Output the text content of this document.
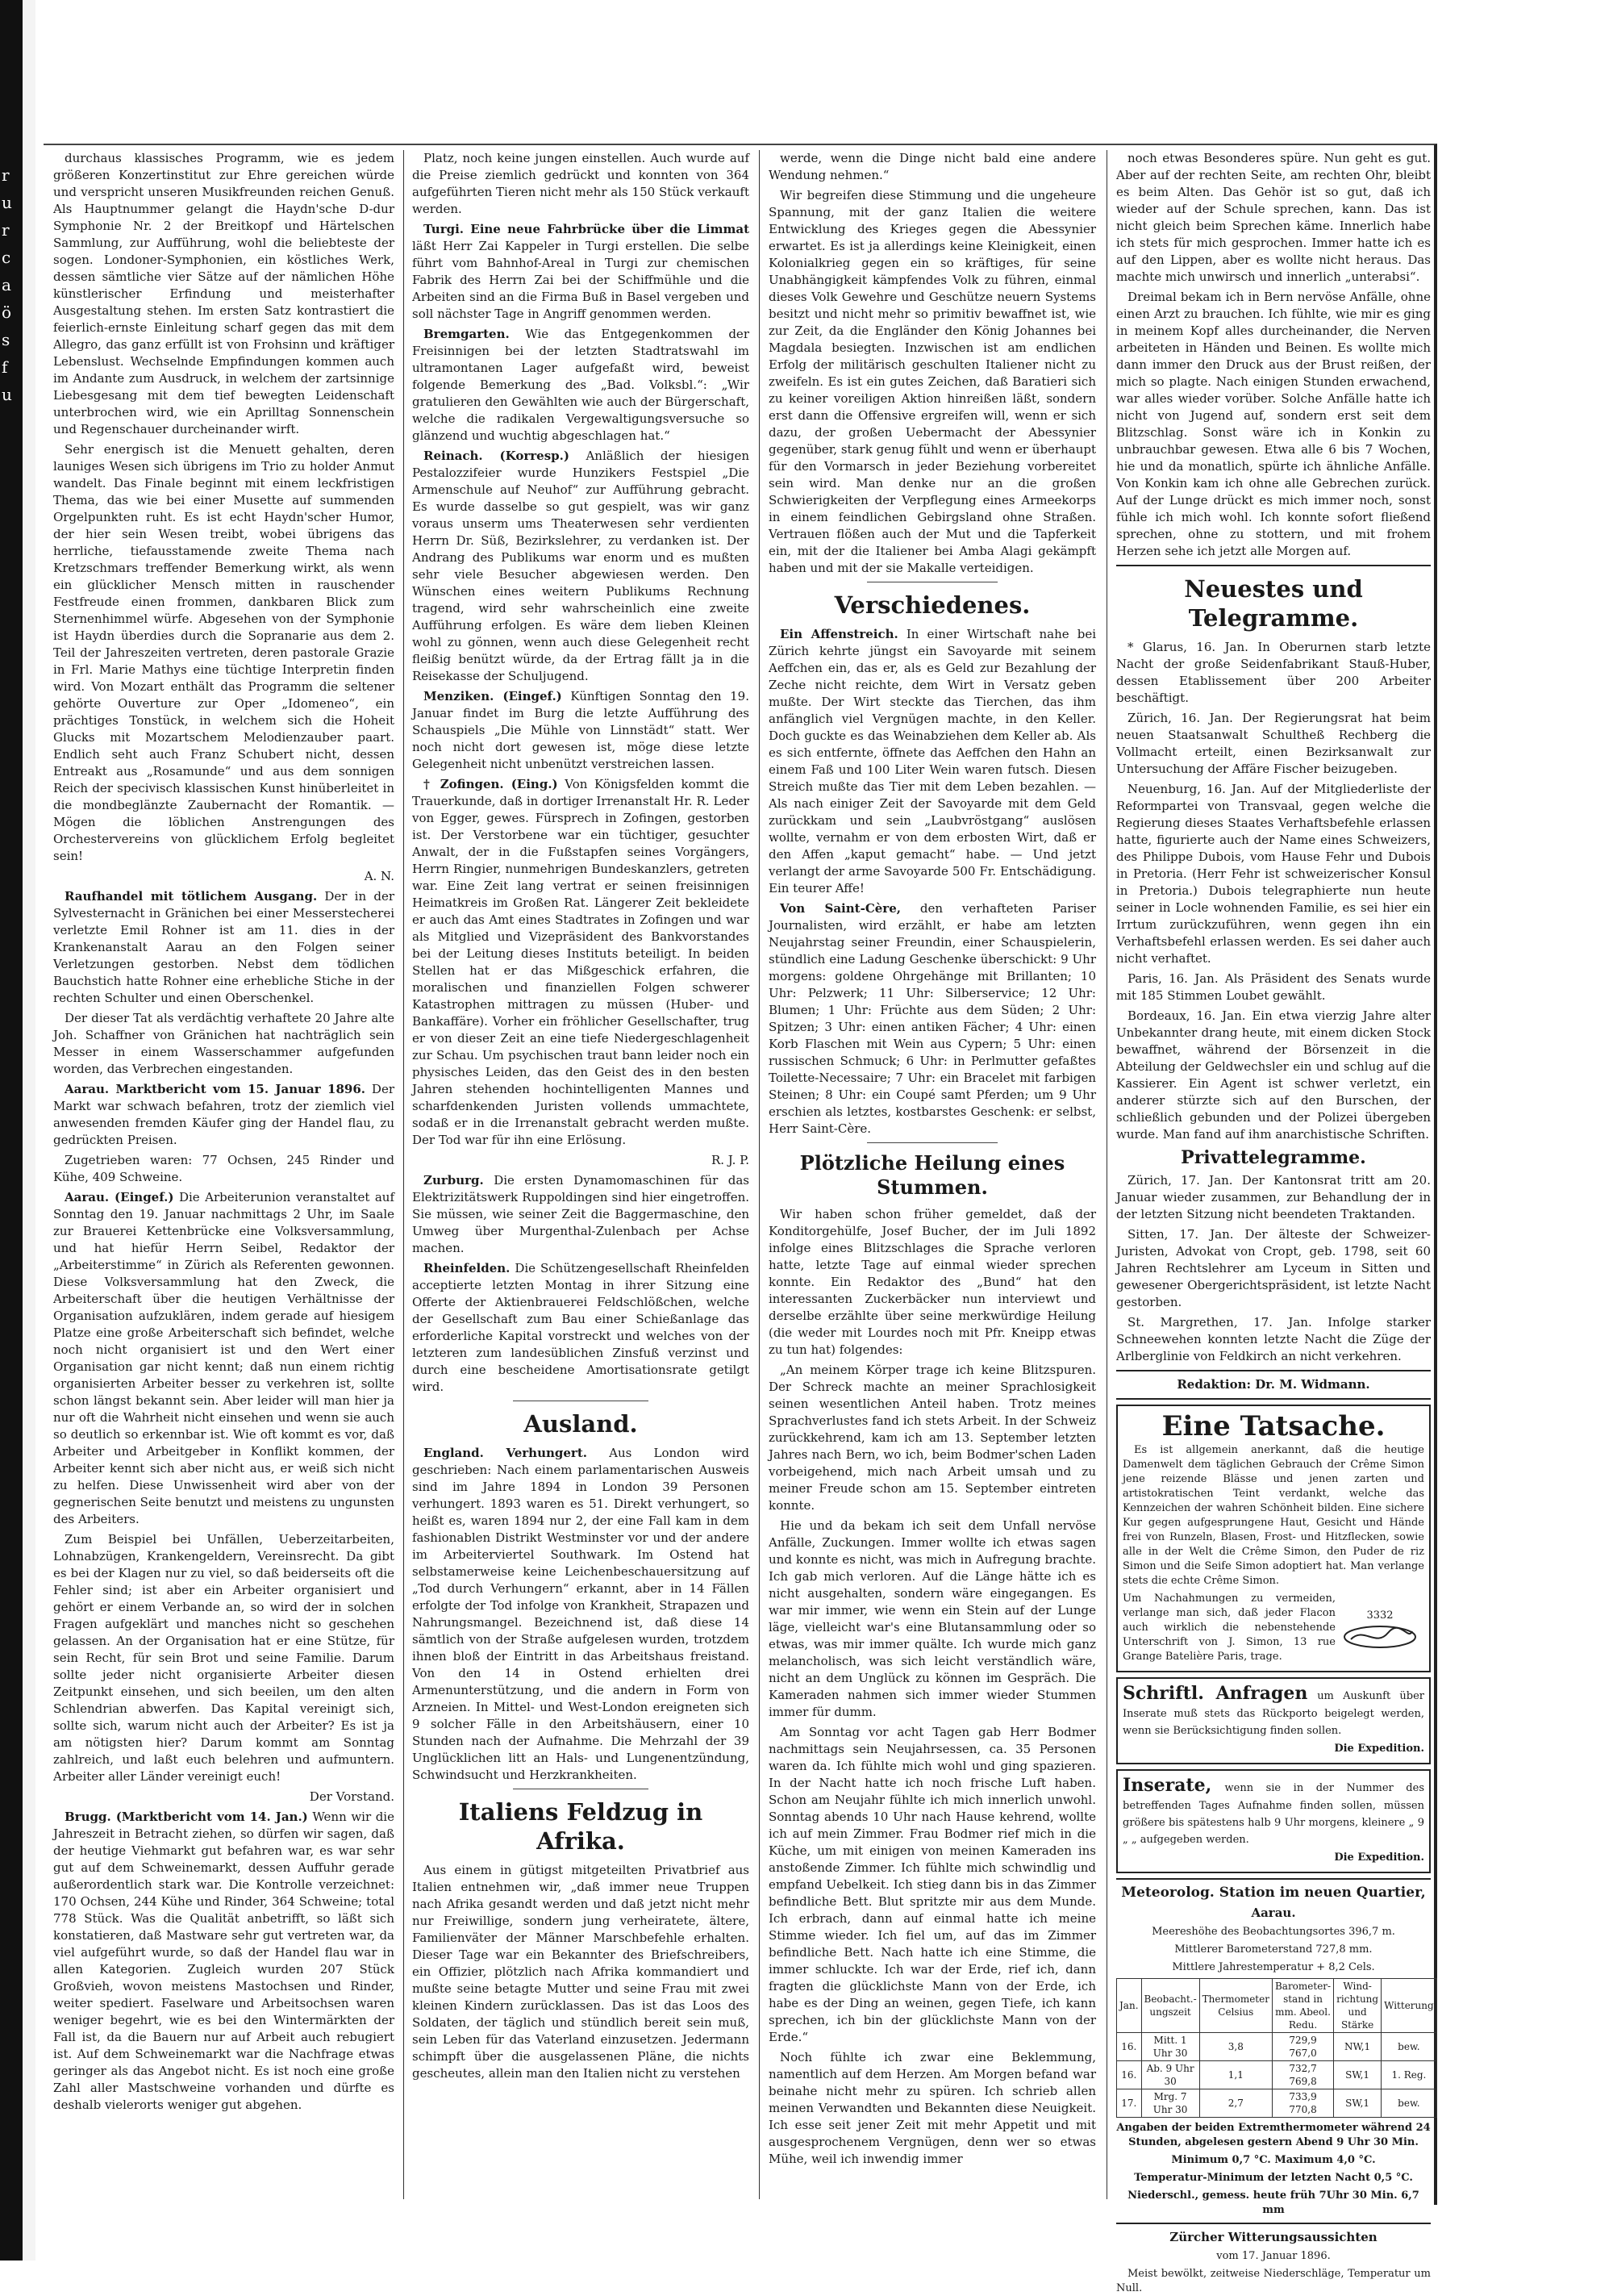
r
u
r
c
a
ö
s
f
u

durchaus klassisches Programm, wie es jedem größeren Konzertinstitut zur Ehre gereichen würde und verspricht unseren Musikfreunden reichen Genuß. Als Hauptnummer gelangt die Haydn'sche D-dur Symphonie Nr. 2 der Breitkopf und Härtelschen Sammlung, zur Aufführung, wohl die beliebteste der sogen. Londoner-Symphonien, ein köstliches Werk, dessen sämtliche vier Sätze auf der nämlichen Höhe künstlerischer Erfindung und meisterhafter Ausgestaltung stehen. Im ersten Satz kontrastiert die feierlich-ernste Einleitung scharf gegen das mit dem Allegro, das ganz erfüllt ist von Frohsinn und kräftiger Lebenslust. Wechselnde Empfindungen kommen auch im Andante zum Ausdruck, in welchem der zartsinnige Liebesgesang mit dem tief bewegten Leidenschaft unterbrochen wird, wie ein Aprilltag Sonnenschein und Regenschauer durcheinander wirft.

Sehr energisch ist die Menuett gehalten, deren launiges Wesen sich übrigens im Trio zu holder Anmut wandelt. Das Finale beginnt mit einem leckfristigen Thema, das wie bei einer Musette auf summenden Orgelpunkten ruht. Es ist echt Haydn'scher Humor, der hier sein Wesen treibt, wobei übrigens das herrliche, tiefausstamende zweite Thema nach Kretzschmars treffender Bemerkung wirkt, als wenn ein glücklicher Mensch mitten in rauschender Festfreude einen frommen, dankbaren Blick zum Sternenhimmel würfe. Abgesehen von der Symphonie ist Haydn überdies durch die Sopranarie aus dem 2. Teil der Jahreszeiten vertreten, deren pastorale Grazie in Frl. Marie Mathys eine tüchtige Interpretin finden wird. Von Mozart enthält das Programm die seltener gehörte Ouverture zur Oper „Idomeneo“, ein prächtiges Tonstück, in welchem sich die Hoheit Glucks mit Mozartschem Melodienzauber paart. Endlich seht auch Franz Schubert nicht, dessen Entreakt aus „Rosamunde“ und aus dem sonnigen Reich der specivisch klassischen Kunst hinüberleitet in die mondbeglänzte Zaubernacht der Romantik. — Mögen die löblichen Anstrengungen des Orchestervereins von glücklichem Erfolg begleitet sein!

A. N.

Raufhandel mit tötlichem Ausgang. Der in der Sylvesternacht in Gränichen bei einer Messerstecherei verletzte Emil Rohner ist am 11. dies in der Krankenanstalt Aarau an den Folgen seiner Verletzungen gestorben. Nebst dem tödlichen Bauchstich hatte Rohner eine erhebliche Stiche in der rechten Schulter und einen Oberschenkel.

Der dieser Tat als verdächtig verhaftete 20 Jahre alte Joh. Schaffner von Gränichen hat nachträglich sein Messer in einem Wasserschammer aufgefunden worden, das Verbrechen eingestanden.

Aarau. Marktbericht vom 15. Januar 1896. Der Markt war schwach befahren, trotz der ziemlich viel anwesenden fremden Käufer ging der Handel flau, zu gedrückten Preisen.

Zugetrieben waren: 77 Ochsen, 245 Rinder und Kühe, 409 Schweine.

Aarau. (Eingef.) Die Arbeiterunion veranstaltet auf Sonntag den 19. Januar nachmittags 2 Uhr, im Saale zur Brauerei Kettenbrücke eine Volksversammlung, und hat hiefür Herrn Seibel, Redaktor der „Arbeiterstimme“ in Zürich als Referenten gewonnen. Diese Volksversammlung hat den Zweck, die Arbeiterschaft über die heutigen Verhältnisse der Organisation aufzuklären, indem gerade auf hiesigem Platze eine große Arbeiterschaft sich befindet, welche noch nicht organisiert ist und den Wert einer Organisation gar nicht kennt; daß nun einem richtig organisierten Arbeiter besser zu verkehren ist, sollte schon längst bekannt sein. Aber leider will man hier ja nur oft die Wahrheit nicht einsehen und wenn sie auch so deutlich so erkennbar ist. Wie oft kommt es vor, daß Arbeiter und Arbeitgeber in Konflikt kommen, der Arbeiter kennt sich aber nicht aus, er weiß sich nicht zu helfen. Diese Unwissenheit wird aber von der gegnerischen Seite benutzt und meistens zu ungunsten des Arbeiters.

Zum Beispiel bei Unfällen, Ueberzeitarbeiten, Lohnabzügen, Krankengeldern, Vereinsrecht. Da gibt es bei der Klagen nur zu viel, so daß beiderseits oft die Fehler sind; ist aber ein Arbeiter organisiert und gehört er einem Verbande an, so wird der in solchen Fragen aufgeklärt und manches nicht so geschehen gelassen. An der Organisation hat er eine Stütze, für sein Recht, für sein Brot und seine Familie. Darum sollte jeder nicht organisierte Arbeiter diesen Zeitpunkt einsehen, und sich beeilen, um den alten Schlendrian abwerfen. Das Kapital vereinigt sich, sollte sich, warum nicht auch der Arbeiter? Es ist ja am nötigsten hier? Darum kommt am Sonntag zahlreich, und laßt euch belehren und aufmuntern. Arbeiter aller Länder vereinigt euch!

Der Vorstand.

Brugg. (Marktbericht vom 14. Jan.) Wenn wir die Jahreszeit in Betracht ziehen, so dürfen wir sagen, daß der heutige Viehmarkt gut befahren war, es war sehr gut auf dem Schweinemarkt, dessen Auffuhr gerade außerordentlich stark war. Die Kontrolle verzeichnet: 170 Ochsen, 244 Kühe und Rinder, 364 Schweine; total 778 Stück. Was die Qualität anbetrifft, so läßt sich konstatieren, daß Mastware sehr gut vertreten war, da viel aufgeführt wurde, so daß der Handel flau war in allen Kategorien. Zugleich wurden 207 Stück Großvieh, wovon meistens Mastochsen und Rinder, weiter spediert. Faselware und Arbeitsochsen waren weniger begehrt, wie es bei den Wintermärkten der Fall ist, da die Bauern nur auf Arbeit auch rebugiert ist. Auf dem Schweinemarkt war die Nachfrage etwas geringer als das Angebot nicht. Es ist noch eine große Zahl aller Mastschweine vorhanden und dürfte es deshalb vielerorts weniger gut abgehen.

Platz, noch keine jungen einstellen. Auch wurde auf die Preise ziemlich gedrückt und konnten von 364 aufgeführten Tieren nicht mehr als 150 Stück verkauft werden.

Turgi. Eine neue Fahrbrücke über die Limmat läßt Herr Zai Kappeler in Turgi erstellen. Die selbe führt vom Bahnhof-Areal in Turgi zur chemischen Fabrik des Herrn Zai bei der Schiffmühle und die Arbeiten sind an die Firma Buß in Basel vergeben und soll nächster Tage in Angriff genommen werden.

Bremgarten. Wie das Entgegenkommen der Freisinnigen bei der letzten Stadtratswahl im ultramontanen Lager aufgefaßt wird, beweist folgende Bemerkung des „Bad. Volksbl.“: „Wir gratulieren den Gewählten wie auch der Bürgerschaft, welche die radikalen Vergewaltigungsversuche so glänzend und wuchtig abgeschlagen hat.“

Reinach. (Korresp.) Anläßlich der hiesigen Pestalozzifeier wurde Hunzikers Festspiel „Die Armenschule auf Neuhof“ zur Aufführung gebracht. Es wurde dasselbe so gut gespielt, was wir ganz voraus unserm ums Theaterwesen sehr verdienten Herrn Dr. Süß, Bezirkslehrer, zu verdanken ist. Der Andrang des Publikums war enorm und es mußten sehr viele Besucher abgewiesen werden. Den Wünschen eines weitern Publikums Rechnung tragend, wird sehr wahrscheinlich eine zweite Aufführung erfolgen. Es wäre dem lieben Kleinen wohl zu gönnen, wenn auch diese Gelegenheit recht fleißig benützt würde, da der Ertrag fällt ja in die Reisekasse der Schuljugend.

Menziken. (Eingef.) Künftigen Sonntag den 19. Januar findet im Burg die letzte Aufführung des Schauspiels „Die Mühle von Linnstädt“ statt. Wer noch nicht dort gewesen ist, möge diese letzte Gelegenheit nicht unbenützt verstreichen lassen.

† Zofingen. (Eing.) Von Königsfelden kommt die Trauerkunde, daß in dortiger Irrenanstalt Hr. R. Leder von Egger, gewes. Fürsprech in Zofingen, gestorben ist. Der Verstorbene war ein tüchtiger, gesuchter Anwalt, der in die Fußstapfen seines Vorgängers, Herrn Ringier, nunmehrigen Bundeskanzlers, getreten war. Eine Zeit lang vertrat er seinen freisinnigen Heimatkreis im Großen Rat. Längerer Zeit bekleidete er auch das Amt eines Stadtrates in Zofingen und war als Mitglied und Vizepräsident des Bankvorstandes bei der Leitung dieses Instituts beteiligt. In beiden Stellen hat er das Mißgeschick erfahren, die moralischen und finanziellen Folgen schwerer Katastrophen mittragen zu müssen (Huber- und Bankaffäre). Vorher ein fröhlicher Gesellschafter, trug er von dieser Zeit an eine tiefe Niedergeschlagenheit zur Schau. Um psychischen traut bann leider noch ein physisches Leiden, das den Geist des in den besten Jahren stehenden hochintelligenten Mannes und scharfdenkenden Juristen vollends ummachtete, sodaß er in die Irrenanstalt gebracht werden mußte. Der Tod war für ihn eine Erlösung.

R. J. P.

Zurburg. Die ersten Dynamomaschinen für das Elektrizitätswerk Ruppoldingen sind hier eingetroffen. Sie müssen, wie seiner Zeit die Baggermaschine, den Umweg über Murgenthal-Zulenbach per Achse machen.

Rheinfelden. Die Schützengesellschaft Rheinfelden acceptierte letzten Montag in ihrer Sitzung eine Offerte der Aktienbrauerei Feldschlößchen, welche der Gesellschaft zum Bau einer Schießanlage das erforderliche Kapital vorstreckt und welches von der letzteren zum landesüblichen Zinsfuß verzinst und durch eine bescheidene Amortisationsrate getilgt wird.

Ausland.

England. Verhungert. Aus London wird geschrieben: Nach einem parlamentarischen Ausweis sind im Jahre 1894 in London 39 Personen verhungert. 1893 waren es 51. Direkt verhungert, so heißt es, waren 1894 nur 2, der eine Fall kam in dem fashionablen Distrikt Westminster vor und der andere im Arbeiterviertel Southwark. Im Ostend hat selbstamerweise keine Leichenbeschauersitzung auf „Tod durch Verhungern“ erkannt, aber in 14 Fällen erfolgte der Tod infolge von Krankheit, Strapazen und Nahrungsmangel. Bezeichnend ist, daß diese 14 sämtlich von der Straße aufgelesen wurden, trotzdem ihnen bloß der Eintritt in das Arbeitshaus freistand. Von den 14 in Ostend erhielten drei Armenunterstützung, und die andern in Form von Arzneien. In Mittel- und West-London ereigneten sich 9 solcher Fälle in den Arbeitshäusern, einer 10 Stunden nach der Aufnahme. Die Mehrzahl der 39 Unglücklichen litt an Hals- und Lungenentzündung, Schwindsucht und Herzkrankheiten.

Italiens Feldzug in Afrika.

Aus einem in gütigst mitgeteilten Privatbrief aus Italien entnehmen wir, „daß immer neue Truppen nach Afrika gesandt werden und daß jetzt nicht mehr nur Freiwillige, sondern jung verheiratete, ältere, Familienväter der Männer Marschbefehle erhalten. Dieser Tage war ein Bekannter des Briefschreibers, ein Offizier, plötzlich nach Afrika kommandiert und mußte seine betagte Mutter und seine Frau mit zwei kleinen Kindern zurücklassen. Das ist das Loos des Soldaten, der täglich und stündlich bereit sein muß, sein Leben für das Vaterland einzusetzen. Jedermann schimpft über die ausgelassenen Pläne, die nichts gescheutes, allein man den Italien nicht zu verstehen

werde, wenn die Dinge nicht bald eine andere Wendung nehmen.“

Wir begreifen diese Stimmung und die ungeheure Spannung, mit der ganz Italien die weitere Entwicklung des Krieges gegen die Abessynier erwartet. Es ist ja allerdings keine Kleinigkeit, einen Kolonialkrieg gegen ein so kräftiges, für seine Unabhängigkeit kämpfendes Volk zu führen, einmal dieses Volk Gewehre und Geschütze neuern Systems besitzt und nicht mehr so primitiv bewaffnet ist, wie zur Zeit, da die Engländer den König Johannes bei Magdala besiegten. Inzwischen ist am endlichen Erfolg der militärisch geschulten Italiener nicht zu zweifeln. Es ist ein gutes Zeichen, daß Baratieri sich zu keiner voreiligen Aktion hinreißen läßt, sondern erst dann die Offensive ergreifen will, wenn er sich dazu, der großen Uebermacht der Abessynier gegenüber, stark genug fühlt und wenn er überhaupt für den Vormarsch in jeder Beziehung vorbereitet sein wird. Man denke nur an die großen Schwierigkeiten der Verpflegung eines Armeekorps in einem feindlichen Gebirgsland ohne Straßen. Vertrauen flößen auch der Mut und die Tapferkeit ein, mit der die Italiener bei Amba Alagi gekämpft haben und mit der sie Makalle verteidigen.

Verschiedenes.

Ein Affenstreich. In einer Wirtschaft nahe bei Zürich kehrte jüngst ein Savoyarde mit seinem Aeffchen ein, das er, als es Geld zur Bezahlung der Zeche nicht reichte, dem Wirt in Versatz geben mußte. Der Wirt steckte das Tierchen, das ihm anfänglich viel Vergnügen machte, in den Keller. Doch guckte es das Weinabziehen dem Keller ab. Als es sich entfernte, öffnete das Aeffchen den Hahn an einem Faß und 100 Liter Wein waren futsch. Diesen Streich mußte das Tier mit dem Leben bezahlen. — Als nach einiger Zeit der Savoyarde mit dem Geld zurückkam und sein „Laubvröstgang“ auslösen wollte, vernahm er von dem erbosten Wirt, daß er den Affen „kaput gemacht“ habe. — Und jetzt verlangt der arme Savoyarde 500 Fr. Entschädigung. Ein teurer Affe!

Von Saint-Cère, den verhafteten Pariser Journalisten, wird erzählt, er habe am letzten Neujahrstag seiner Freundin, einer Schauspielerin, stündlich eine Ladung Geschenke überschickt: 9 Uhr morgens: goldene Ohrgehänge mit Brillanten; 10 Uhr: Pelzwerk; 11 Uhr: Silberservice; 12 Uhr: Blumen; 1 Uhr: Früchte aus dem Süden; 2 Uhr: Spitzen; 3 Uhr: einen antiken Fächer; 4 Uhr: einen Korb Flaschen mit Wein aus Cypern; 5 Uhr: einen russischen Schmuck; 6 Uhr: in Perlmutter gefaßtes Toilette-Necessaire; 7 Uhr: ein Bracelet mit farbigen Steinen; 8 Uhr: ein Coupé samt Pferden; um 9 Uhr erschien als letztes, kostbarstes Geschenk: er selbst, Herr Saint-Cère.

Plötzliche Heilung eines Stummen.

Wir haben schon früher gemeldet, daß der Konditorgehülfe, Josef Bucher, der im Juli 1892 infolge eines Blitzschlages die Sprache verloren hatte, letzte Tage auf einmal wieder sprechen konnte. Ein Redaktor des „Bund“ hat den interessanten Zuckerbäcker nun interviewt und derselbe erzählte über seine merkwürdige Heilung (die weder mit Lourdes noch mit Pfr. Kneipp etwas zu tun hat) folgendes:

„An meinem Körper trage ich keine Blitzspuren. Der Schreck machte an meiner Sprachlosigkeit seinen wesentlichen Anteil haben. Trotz meines Sprachverlustes fand ich stets Arbeit. In der Schweiz zurückkehrend, kam ich am 13. September letzten Jahres nach Bern, wo ich, beim Bodmer'schen Laden vorbeigehend, mich nach Arbeit umsah und zu meiner Freude schon am 15. September eintreten konnte.

Hie und da bekam ich seit dem Unfall nervöse Anfälle, Zuckungen. Immer wollte ich etwas sagen und konnte es nicht, was mich in Aufregung brachte. Ich gab mich verloren. Auf die Länge hätte ich es nicht ausgehalten, sondern wäre eingegangen. Es war mir immer, wie wenn ein Stein auf der Lunge läge, vielleicht war's eine Blutansammlung oder so etwas, was mir immer quälte. Ich wurde mich ganz melancholisch, was sich leicht verständlich wäre, nicht an dem Unglück zu können im Gespräch. Die Kameraden nahmen sich immer wieder Stummen immer für dumm.

Am Sonntag vor acht Tagen gab Herr Bodmer nachmittags sein Neujahrsessen, ca. 35 Personen waren da. Ich fühlte mich wohl und ging spazieren. In der Nacht hatte ich noch frische Luft haben. Schon am Neujahr fühlte ich mich innerlich unwohl. Sonntag abends 10 Uhr nach Hause kehrend, wollte ich auf mein Zimmer. Frau Bodmer rief mich in die Küche, um mit einigen von meinen Kameraden ins anstoßende Zimmer. Ich fühlte mich schwindlig und empfand Uebelkeit. Ich stieg dann bis in das Zimmer befindliche Bett. Blut spritzte mir aus dem Munde. Ich erbrach, dann auf einmal hatte ich meine Stimme wieder. Ich fiel um, auf das im Zimmer befindliche Bett. Nach hatte ich eine Stimme, die immer schluckte. Ich war der Erde, rief ich, dann fragten die glücklichste Mann von der Erde, ich habe es der Ding an weinen, gegen Tiefe, ich kann sprechen, ich bin der glücklichste Mann von der Erde.“

Noch fühlte ich zwar eine Beklemmung, namentlich auf dem Herzen. Am Morgen befand war beinahe nicht mehr zu spüren. Ich schrieb allen meinen Verwandten und Bekannten diese Neuigkeit. Ich esse seit jener Zeit mit mehr Appetit und mit ausgesprochenem Vergnügen, denn wer so etwas Mühe, weil ich inwendig immer

noch etwas Besonderes spüre. Nun geht es gut. Aber auf der rechten Seite, am rechten Ohr, bleibt es beim Alten. Das Gehör ist so gut, daß ich wieder auf der Schule sprechen, kann. Das ist nicht gleich beim Sprechen käme. Innerlich habe ich stets für mich gesprochen. Immer hatte ich es auf den Lippen, aber es wollte nicht heraus. Das machte mich unwirsch und innerlich „unterabsi“.

Dreimal bekam ich in Bern nervöse Anfälle, ohne einen Arzt zu brauchen. Ich fühlte, wie mir es ging in meinem Kopf alles durcheinander, die Nerven arbeiteten in Händen und Beinen. Es wollte mich dann immer den Druck aus der Brust reißen, der mich so plagte. Nach einigen Stunden erwachend, war alles wieder vorüber. Solche Anfälle hatte ich nicht von Jugend auf, sondern erst seit dem Blitzschlag. Sonst wäre ich in Konkin zu unbrauchbar gewesen. Etwa alle 6 bis 7 Wochen, hie und da monatlich, spürte ich ähnliche Anfälle. Von Konkin kam ich ohne alle Gebrechen zurück. Auf der Lunge drückt es mich immer noch, sonst fühle ich mich wohl. Ich konnte sofort fließend sprechen, ohne zu stottern, und mit frohem Herzen sehe ich jetzt alle Morgen auf.

Neuestes und Telegramme.

* Glarus, 16. Jan. In Oberurnen starb letzte Nacht der große Seidenfabrikant Stauß-Huber, dessen Etablissement über 200 Arbeiter beschäftigt.

Zürich, 16. Jan. Der Regierungsrat hat beim neuen Staatsanwalt Schultheß Rechberg die Vollmacht erteilt, einen Bezirksanwalt zur Untersuchung der Affäre Fischer beizugeben.

Neuenburg, 16. Jan. Auf der Mitgliederliste der Reformpartei von Transvaal, gegen welche die Regierung dieses Staates Verhaftsbefehle erlassen hatte, figurierte auch der Name eines Schweizers, des Philippe Dubois, vom Hause Fehr und Dubois in Pretoria. (Herr Fehr ist schweizerischer Konsul in Pretoria.) Dubois telegraphierte nun heute seiner in Locle wohnenden Familie, es sei hier ein Irrtum zurückzuführen, wenn gegen ihn ein Verhaftsbefehl erlassen werden. Es sei daher auch nicht verhaftet.

Paris, 16. Jan. Als Präsident des Senats wurde mit 185 Stimmen Loubet gewählt.

Bordeaux, 16. Jan. Ein etwa vierzig Jahre alter Unbekannter drang heute, mit einem dicken Stock bewaffnet, während der Börsenzeit in die Abteilung der Geldwechsler ein und schlug auf die Kassierer. Ein Agent ist schwer verletzt, ein anderer stürzte sich auf den Burschen, der schließlich gebunden und der Polizei übergeben wurde. Man fand auf ihm anarchistische Schriften.

Privattelegramme.

Zürich, 17. Jan. Der Kantonsrat tritt am 20. Januar wieder zusammen, zur Behandlung der in der letzten Sitzung nicht beendeten Traktanden.

Sitten, 17. Jan. Der älteste der Schweizer-Juristen, Advokat von Cropt, geb. 1798, seit 60 Jahren Rechtslehrer am Lyceum in Sitten und gewesener Obergerichtspräsident, ist letzte Nacht gestorben.

St. Margrethen, 17. Jan. Infolge starker Schneewehen konnten letzte Nacht die Züge der Arlberglinie von Feldkirch an nicht verkehren.

Redaktion: Dr. M. Widmann.

Eine Tatsache.

Es ist allgemein anerkannt, daß die heutige Damenwelt dem täglichen Gebrauch der Crême Simon jene reizende Blässe und jenen zarten und artistokratischen Teint verdankt, welche das Kennzeichen der wahren Schönheit bilden. Eine sichere Kur gegen aufgesprungene Haut, Gesicht und Hände frei von Runzeln, Blasen, Frost- und Hitzflecken, sowie alle in der Welt die Crême Simon, den Puder de riz Simon und die Seife Simon adoptiert hat. Man verlange stets die echte Crême Simon.

Um Nachahmungen zu vermeiden, verlange man sich, daß jeder Flacon auch wirklich die nebenstehende Unterschrift von J. Simon, 13 rue Grange Batelière Paris, trage.

3332

Schriftl. Anfragen um Auskunft über Inserate muß stets das Rückporto beigelegt werden, wenn sie Berücksichtigung finden sollen.

Die Expedition.

Inserate, wenn sie in der Nummer des betreffenden Tages Aufnahme finden sollen, müssen größere bis spätestens halb 9 Uhr morgens, kleinere „ 9 „ „ aufgegeben werden.

Die Expedition.

Meteorolog. Station im neuen Quartier,

Aarau.

Meereshöhe des Beobachtungsortes 396,7 m.

Mittlerer Barometerstand 727,8 mm.

Mittlere Jahrestemperatur + 8,2 Cels.

Jan.	Beobacht.-ungszeit	Thermometer Celsius	Barometer-stand in mm. Abeol. Redu.	Wind-richtung und Stärke	Witterung
16.	Mitt. 1 Uhr 30	3,8	729,9 767,0	NW,1	bew.
16.	Ab. 9 Uhr 30	1,1	732,7 769,8	SW,1	1. Reg.
17.	Mrg. 7 Uhr 30	2,7	733,9 770,8	SW,1	bew.

Angaben der beiden Extremthermometer während 24 Stunden, abgelesen gestern Abend 9 Uhr 30 Min.

Minimum 0,7 °C. Maximum 4,0 °C.

Temperatur-Minimum der letzten Nacht 0,5 °C.

Niederschl., gemess. heute früh 7Uhr 30 Min. 6,7 mm

Zürcher Witterungsaussichten

vom 17. Januar 1896.

Meist bewölkt, zeitweise Niederschläge, Temperatur um Null.
